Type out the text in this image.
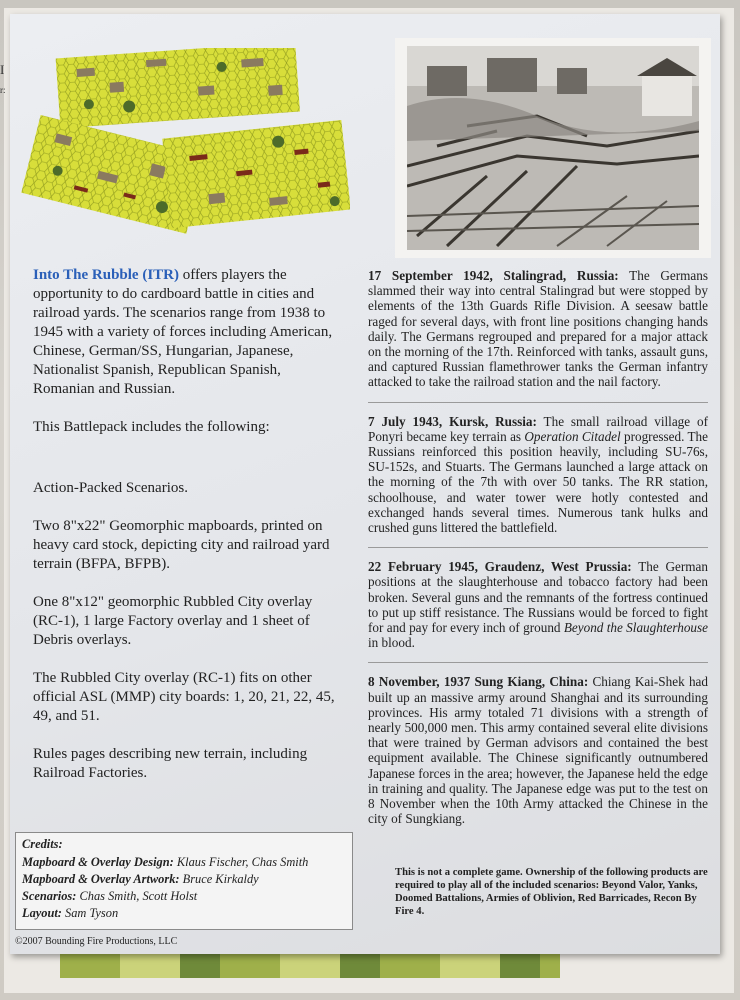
I
r:

Into The Rubble (ITR) offers players the opportunity to do cardboard battle in cities and railroad yards. The scenarios range from 1938 to 1945 with a variety of forces including American, Chinese, German/SS, Hungarian, Japanese, Nationalist Spanish, Republican Spanish, Romanian and Russian.

This Battlepack includes the following:

Action-Packed Scenarios.

Two 8"x22" Geomorphic mapboards, printed on heavy card stock, depicting city and railroad yard terrain (BFPA, BFPB).

One 8"x12" geomorphic Rubbled City overlay (RC-1), 1 large Factory overlay and 1 sheet of Debris overlays.

The Rubbled City overlay (RC-1) fits on other official ASL (MMP) city boards: 1, 20, 21, 22, 45, 49, and 51.

Rules pages describing new terrain, including Railroad Factories.

17 September 1942, Stalingrad, Russia: The Germans slammed their way into central Stalingrad but were stopped by elements of the 13th Guards Rifle Division. A seesaw battle raged for several days, with front line positions changing hands daily. The Germans regrouped and prepared for a major attack on the morning of the 17th. Reinforced with tanks, assault guns, and captured Russian flamethrower tanks the German infantry attacked to take the railroad station and the nail factory.

7 July 1943, Kursk, Russia: The small railroad village of Ponyri became key terrain as Operation Citadel progressed. The Russians reinforced this position heavily, including SU-76s, SU-152s, and Stuarts. The Germans launched a large attack on the morning of the 7th with over 50 tanks. The RR station, schoolhouse, and water tower were hotly contested and exchanged hands several times. Numerous tank hulks and crushed guns littered the battlefield.

22 February 1945, Graudenz, West Prussia: The German positions at the slaughterhouse and tobacco factory had been broken. Several guns and the remnants of the fortress continued to put up stiff resistance. The Russians would be forced to fight for and pay for every inch of ground Beyond the Slaughterhouse in blood.

8 November, 1937 Sung Kiang, China: Chiang Kai-Shek had built up an massive army around Shanghai and its surrounding provinces. His army totaled 71 divisions with a strength of nearly 500,000 men. This army contained several elite divisions that were trained by German advisors and contained the best equipment available. The Chinese significantly outnumbered Japanese forces in the area; however, the Japanese held the edge in training and quality. The Japanese edge was put to the test on 8 November when the 10th Army attacked the Chinese in the city of Sungkiang.

This is not a complete game. Ownership of the following products are required to play all of the included scenarios: Beyond Valor, Yanks, Doomed Battalions, Armies of Oblivion, Red Barricades, Recon By Fire 4.
Credits:
Mapboard & Overlay Design: Klaus Fischer, Chas Smith
Mapboard & Overlay Artwork: Bruce Kirkaldy
Scenarios: Chas Smith, Scott Holst
Layout: Sam Tyson
©2007 Bounding Fire Productions, LLC
